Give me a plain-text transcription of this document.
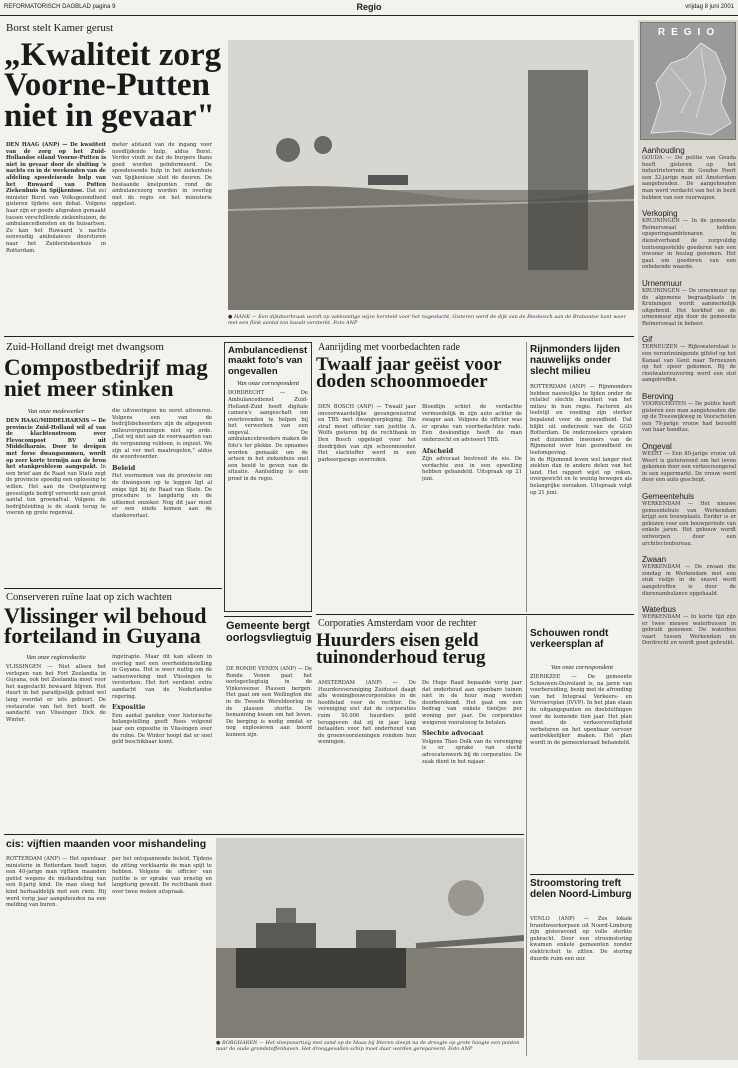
REFORMATORISCH DAGBLAD pagina 9	Regio	vrijdag 8 juni 2001
REGIO
Aanhouding
GOUDA — De politie van Gouda heeft gisteren op het industrieterrein de Goudse Poort een 32-jarige man uit Amsterdam aangehouden. De aangehouden man werd verdacht van het in bezit hebben van een vuurwapen.
Verkoping
KRUININGEN — In de gemeente Reimerswaal hebben opsporingsambtenaren in dienstverband de zorgvuldig tentoongestelde goederen van een inwoner in beslag genomen. Het gaat om goederen van een onbekende waarde.
Urnenmuur
KRUININGEN — De urnenmuur op de algemene begraafplaats in Kruiningen wordt aanmerkelijk uitgebreid. Het kerkhof en de urnenmuur zijn door de gemeente Reimerswaal in beheer.
Gif
TERNEUZEN — Rijkswaterstaat is een verontreinigende gifstof op het Kanaal van Gent naar Terneuzen op het spoor gekomen. Bij de rioolwaterzuivering werd een stof aangetroffen.
Beroving
VOORSCHOTEN — De politie heeft gisteren een man aangehouden die op de Treeswijkweg in Voorschoten een 79-jarige vrouw had beroofd van haar handtas.
Ongeval
WEERT — Een 80-jarige vrouw uit Weert is gisteravond om het leven gekomen door een verkeersongeval in een supermarkt. De vrouw werd door een auto geschept.
Gemeentehuis
WERKENDAM — Het nieuwe gemeentehuis van Werkendam krijgt een bouwplaats. Eerder is er gekozen voor een bouwperiode van enkele jaren. Het gebouw wordt ontworpen door een architectenbureau.
Zwaan
WERKENDAM — De zwaan die zondag in Werkendam met een stuk vislijn in de snavel werd aangetroffen is door de dierenambulance opgehaald.
Waterbus
WERKENDAM — In korte tijd zijn er twee nieuwe waterbussen in gebruik genomen. De waterbus vaart tussen Werkendam en Dordrecht en wordt goed gebruikt.
Borst stelt Kamer gerust
„Kwaliteit zorg
Voorne-Putten
niet in gevaar"
DEN HAAG (ANP) — De kwaliteit van de zorg op het Zuid-Hollandse eiland Voorne-Putten is niet in gevaar door de sluiting 's nachts en in de weekenden van de afdeling spoedeisende hulp van het Ruwaard van Putten Ziekenhuis in Spijkenisse. Dat zei minister Borst van Volksgezondheid gisteren tijdens een debat. Volgens haar zijn er goede afspraken gemaakt tussen verschillende ziekenhuizen, de ambulancediensten en de huisartsen. Zo kan het Ruwaard 's nachts eenvoudig ambulances doorsturen naar het Zuiderziekenhuis in Rotterdam.
meter afstand van de ingang voor noodlijdende hulp, aldus Borst. Verder vindt ze dat de burgers thans goed worden geïnformeerd. De spoedeisende hulp in het ziekenhuis van Spijkenisse sluit de deuren. De bestaande knelpunten rond de ambulancezorg worden in overleg met de regio en het ministerie opgelost.
● HANK — Een dijkdoorbraak wordt op vakkundige wijze hersteld voor het nageslacht. Gisteren werd de dijk van de Biesbosch aan de Brabantse kant weer met een flink aantal ton basalt versterkt. Foto ANP
Zuid-Holland dreigt met dwangsom
Compostbedrijf mag
niet meer stinken
Van onze medewerker
DEN HAAG/MIDDELHARNIS — De provincie Zuid-Holland wil af van de klachtenstroom over Flevocompost BV uit Middelharnis. Door te dreigen met forse dwangsommen, wordt op zeer korte termijn aan de bron het stankprobleem aangepakt. In een brief aan de Raad van State zegt de provincie spoedig een oplossing te willen. Het aan de Oostplantweg gevestigde bedrijf verwerkt een groot aantal ton groenafval. Volgens de bedrijfsleiding is de stank terug te voeren op grote regenval.
die uitvoeringen nu eerst uitvoeren. Volgens een van de bedrijfsbeheerders zijn de afgegeven milieuvergunningen niet op orde. „Dat wij niet aan de voorwaarden van de vergunning voldoen, is onjuist. We zijn al ver met maatregelen," aldus de woordvoerder.
Beleid
Het voornemen van de provincie om de dwangsom op te leggen ligt al enige tijd bij de Raad van State. De procedure is langdurig en de uitkomst onzeker. Nog dit jaar moet er een einde komen aan de stankoverlast.
Ambulancedienst maakt foto's van ongevallen
Van onze correspondent
DORDRECHT — De Ambulancedienst Zuid-Holland-Zuid heeft digitale camera's aangeschaft om overlevenden te helpen bij het verwerken van een ongeval. De ambulancebroeders maken de foto's ter plekke. De opnames worden gemaakt om de artsen in het ziekenhuis snel een beeld te geven van de situatie. Aanleiding is een proef in de regio.
Aanrijding met voorbedachten rade
Twaalf jaar geëist voor doden schoonmoeder
DEN BOSCH (ANP) — Twaalf jaar onvoorwaardelijke gevangenisstraf en TBS met dwangverpleging. Die straf moet officier van justitie A. Wolfs gisteren bij de rechtbank in Den Bosch opgelegd voor het doodrijden van zijn schoonmoeder. Het slachtoffer werd in een parkeergarage overreden.
Bloedlijn schiet de verdachte vermoedelijk in zijn auto achter de zwager aan. Volgens de officier was er sprake van voorbedachten rade. Een deskundige heeft de man onderzocht en adviseert TBS.
Afscheid
Zijn advocaat bestreed de eis. De verdachte zou in een opwelling hebben gehandeld. Uitspraak op 21 juni.
Rijnmonders lijden nauwelijks onder slecht milieu
ROTTERDAM (ANP) — Rijnmonders hebben nauwelijks te lijden onder de relatief slechte kwaliteit van het milieu in hun regio. Factoren als leefstijl en voeding zijn sterker bepalend voor de gezondheid. Dat blijkt uit onderzoek van de GGD Rotterdam. De onderzoekers spraken met duizenden inwoners van de Rijnmond over hun gezondheid en leefomgeving.
In de Rijnmond leven wel langer met ziekten dan in andere delen van het land. Het rapport wijst op roken, overgewicht en te weinig bewegen als belangrijke oorzaken. Uitspraak volgt op 21 juni.
Conserveren ruïne laat op zich wachten
Vlissinger wil behoud
forteiland in Guyana
Van onze regioredactie
VLISSINGEN — Niet alleen het verlopen van het Fort Zeelandia in Guyana, ook het Zeelandia moet voor het nageslacht bewaard blijven. Het duurt in het paradijselijk gebied wel lang voordat er iets gebeurt. De restauratie van het fort heeft de aandacht van Vlissinger Dick de Winter.
ingetrapte. Maar dit kan alleen in overleg met een overheidsinstelling in Guyana. Het is weer nuttig om de samenwerking met Vlissingen te versterken. Het fort verdient extra aandacht van de Nederlandse regering.
Expositie
Een aantal panden voor historische belangstelling geeft Roos volgend jaar een expositie in Vlissingen over de ruïne. De Winter hoopt dat er snel geld beschikbaar komt.
Gemeente bergt oorlogsvliegtuig
DE RONDE VENEN (ANP) — De Ronde Venen gaat het oorlogsvliegtuig in de Vinkeveense Plassen bergen. Het gaat om een Wellington die in de Tweede Wereldoorlog in de plassen stortte. De bemanning kwam om het leven. De berging is nodig omdat er nog explosieven aan boord kunnen zijn.
Corporaties Amsterdam voor de rechter
Huurders eisen geld tuinonderhoud terug
AMSTERDAM (ANP) — De Huurdersvereniging Zuidoost daagt alle woningbouwcorporaties in de hoofdstad voor de rechter. De vereniging eist dat de corporaties ruim 50.000 huurders geld teruggeven dat zij in jaar lang betaalden voor het onderhoud van de groenvoorzieningen rondom hun woningen.
De Hoge Raad bepaalde vorig jaar dat onderhoud aan openbare tuinen niet in de huur mag worden doorberekend. Het gaat om een bedrag van enkele tientjes per woning per jaar. De corporaties weigeren vooralsnog te betalen.
Slechte advocaat
Volgens Theo Dolk van de vereniging is er sprake van slecht advocatenwerk bij de corporaties. De zaak dient in het najaar.
Schouwen rondt verkeersplan af
Van onze correspondent
ZIERIKZEE — De gemeente Schouwen-Duiveland is, na jaren van voorbereiding, bezig met de afronding van het Integraal Verkeers- en Vervoersplan (IVVP). In het plan staan de uitgangspunten en doelstellingen voor de komende tien jaar. Het plan moet de verkeersveiligheid verbeteren en het openbaar vervoer aantrekkelijker maken. Het plan wordt in de gemeenteraad behandeld.
Stroomstoring treft delen Noord-Limburg
VENLO (ANP) — Zes lokale brandweerkorpsen uit Noord-Limburg zijn gisteravond op volle sterkte gebracht. Door een stroomstoring kwamen enkele gemeenten zonder elektriciteit te zitten. De storing duurde ruim een uur.
cis: vijftien maanden voor mishandeling
ROTTERDAM (ANP) — Het openbaar ministerie in Rotterdam heeft tegen een 40-jarige man vijftien maanden geëist wegens de mishandeling van een 8-jarig kind. De man sloeg het kind herhaaldelijk met een riem. Hij werd vorig jaar aangehouden na een melding van buren.
per het ontspannende beleid. Tijdens de zitting verklaarde de man spijt te hebben. Volgens de officier van justitie is er sprake van ernstig en langdurig geweld. De rechtbank doet over twee weken uitspraak.
● BORGHAREN — Het sleepvoartuig met zand op de Maas bij Itteren sleept na de droogte op grote hoogte een ponton naar de oude grondstoffenhaven. Het drooggevallen schip moet daar worden gerepareerd. Foto ANP
